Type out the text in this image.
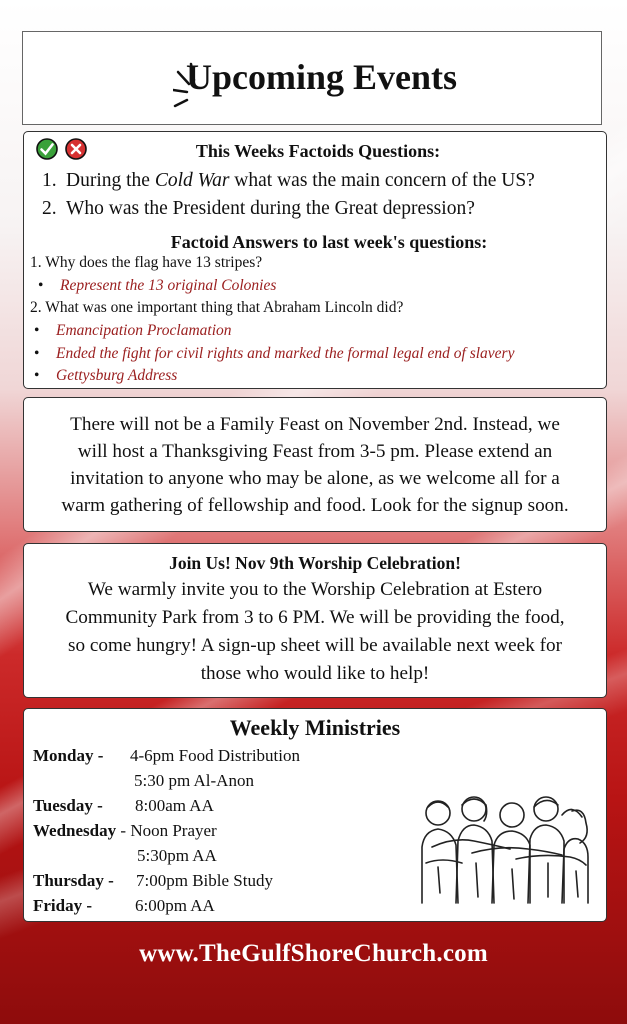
Upcoming Events

This Weeks Factoids Questions:
1. During the Cold War what was the main concern of the US?
2. Who was the President during the Great depression?
Factoid Answers to last week's questions:
1. Why does the flag have 13 stripes?
• Represent the 13 original Colonies
2. What was one important thing that Abraham Lincoln did?
• Emancipation Proclamation
• Ended the fight for civil rights and marked the formal legal end of slavery
• Gettysburg Address
There will not be a Family Feast on November 2nd. Instead, we
will host a Thanksgiving Feast from 3-5 pm. Please extend an
invitation to anyone who may be alone, as we welcome all for a
warm gathering of fellowship and food. Look for the signup soon.
Join Us! Nov 9th Worship Celebration!
We warmly invite you to the Worship Celebration at Estero
Community Park from 3 to 6 PM. We will be providing the food,
so come hungry! A sign-up sheet will be available next week for
those who would like to help!
Weekly Ministries
Monday - 4-6pm Food Distribution
5:30 pm Al-Anon
Tuesday - 8:00am AA
Wednesday - Noon Prayer
5:30pm AA
Thursday - 7:00pm Bible Study
Friday -	6:00pm AA
www.TheGulfShoreChurch.com
